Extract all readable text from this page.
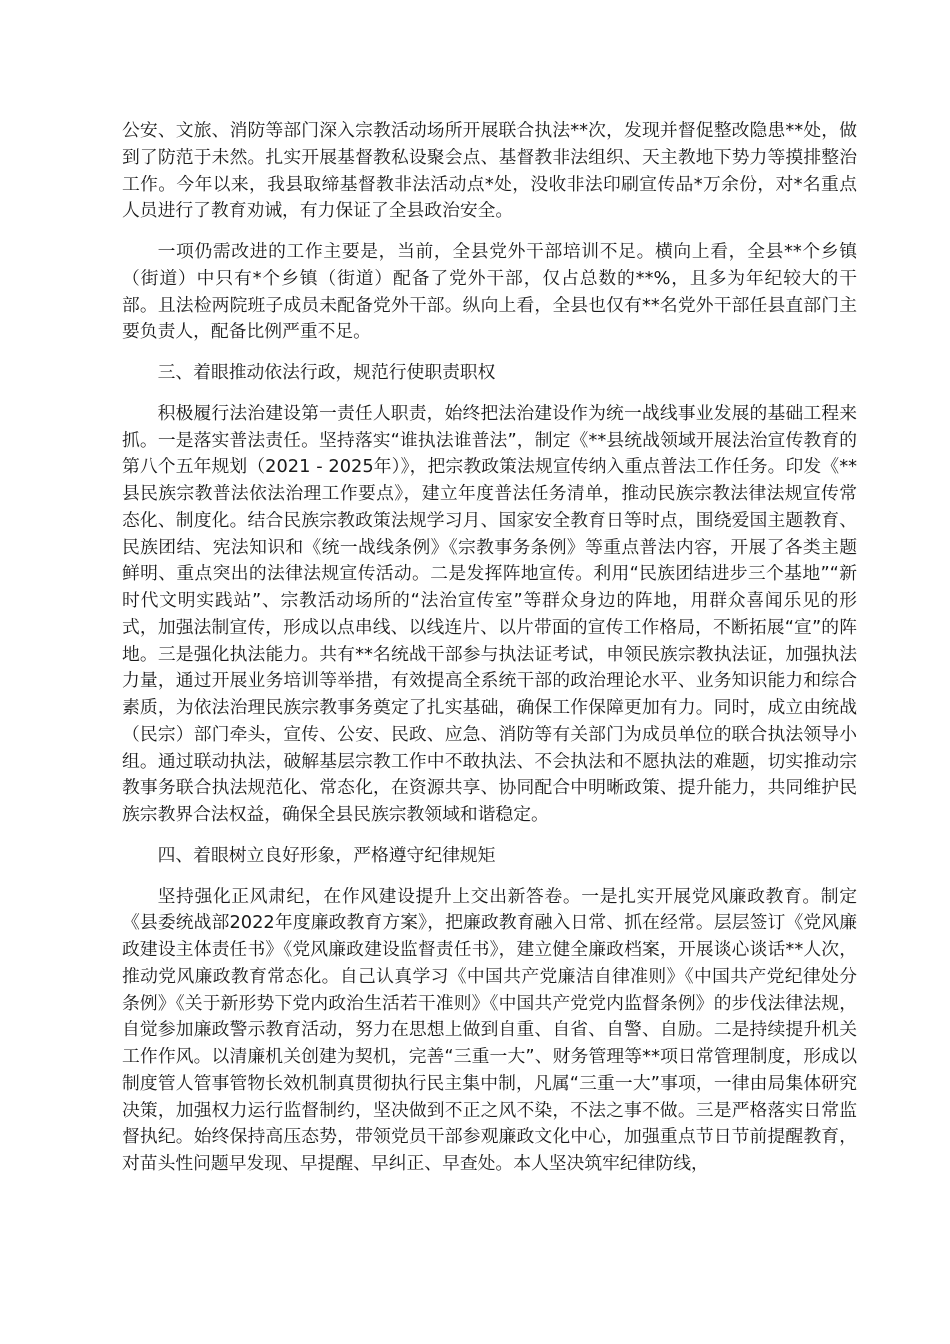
公安、文旅、消防等部门深入宗教活动场所开展联合执法**次，发现并督促整改隐患**处，做到了防范于未然。扎实开展基督教私设聚会点、基督教非法组织、天主教地下势力等摸排整治工作。今年以来，我县取缔基督教非法活动点*处，没收非法印刷宣传品*万余份，对*名重点人员进行了教育劝诫，有力保证了全县政治安全。

一项仍需改进的工作主要是，当前，全县党外干部培训不足。横向上看，全县**个乡镇（街道）中只有*个乡镇（街道）配备了党外干部，仅占总数的**%，且多为年纪较大的干部。且法检两院班子成员未配备党外干部。纵向上看，全县也仅有**名党外干部任县直部门主要负责人，配备比例严重不足。

三、着眼推动依法行政，规范行使职责职权

积极履行法治建设第一责任人职责，始终把法治建设作为统一战线事业发展的基础工程来抓。一是落实普法责任。坚持落实“谁执法谁普法”，制定《**县统战领域开展法治宣传教育的第八个五年规划（2021 - 2025年）》，把宗教政策法规宣传纳入重点普法工作任务。印发《**县民族宗教普法依法治理工作要点》，建立年度普法任务清单，推动民族宗教法律法规宣传常态化、制度化。结合民族宗教政策法规学习月、国家安全教育日等时点，围绕爱国主题教育、民族团结、宪法知识和《统一战线条例》《宗教事务条例》等重点普法内容，开展了各类主题鲜明、重点突出的法律法规宣传活动。二是发挥阵地宣传。利用“民族团结进步三个基地”“新时代文明实践站”、宗教活动场所的“法治宣传室”等群众身边的阵地，用群众喜闻乐见的形式，加强法制宣传，形成以点串线、以线连片、以片带面的宣传工作格局，不断拓展“宣”的阵地。三是强化执法能力。共有**名统战干部参与执法证考试，申领民族宗教执法证，加强执法力量，通过开展业务培训等举措，有效提高全系统干部的政治理论水平、业务知识能力和综合素质，为依法治理民族宗教事务奠定了扎实基础，确保工作保障更加有力。同时，成立由统战（民宗）部门牵头，宣传、公安、民政、应急、消防等有关部门为成员单位的联合执法领导小组。通过联动执法，破解基层宗教工作中不敢执法、不会执法和不愿执法的难题，切实推动宗教事务联合执法规范化、常态化，在资源共享、协同配合中明晰政策、提升能力，共同维护民族宗教界合法权益，确保全县民族宗教领域和谐稳定。

四、着眼树立良好形象，严格遵守纪律规矩

坚持强化正风肃纪，在作风建设提升上交出新答卷。一是扎实开展党风廉政教育。制定《县委统战部2022年度廉政教育方案》，把廉政教育融入日常、抓在经常。层层签订《党风廉政建设主体责任书》《党风廉政建设监督责任书》，建立健全廉政档案，开展谈心谈话**人次，推动党风廉政教育常态化。自己认真学习《中国共产党廉洁自律准则》《中国共产党纪律处分条例》《关于新形势下党内政治生活若干准则》《中国共产党党内监督条例》的步伐法律法规，自觉参加廉政警示教育活动，努力在思想上做到自重、自省、自警、自励。二是持续提升机关工作作风。以清廉机关创建为契机，完善“三重一大”、财务管理等**项日常管理制度，形成以制度管人管事管物长效机制真贯彻执行民主集中制，凡属“三重一大”事项，一律由局集体研究决策，加强权力运行监督制约，坚决做到不正之风不染，不法之事不做。三是严格落实日常监督执纪。始终保持高压态势，带领党员干部参观廉政文化中心，加强重点节日节前提醒教育，对苗头性问题早发现、早提醒、早纠正、早查处。本人坚决筑牢纪律防线，
